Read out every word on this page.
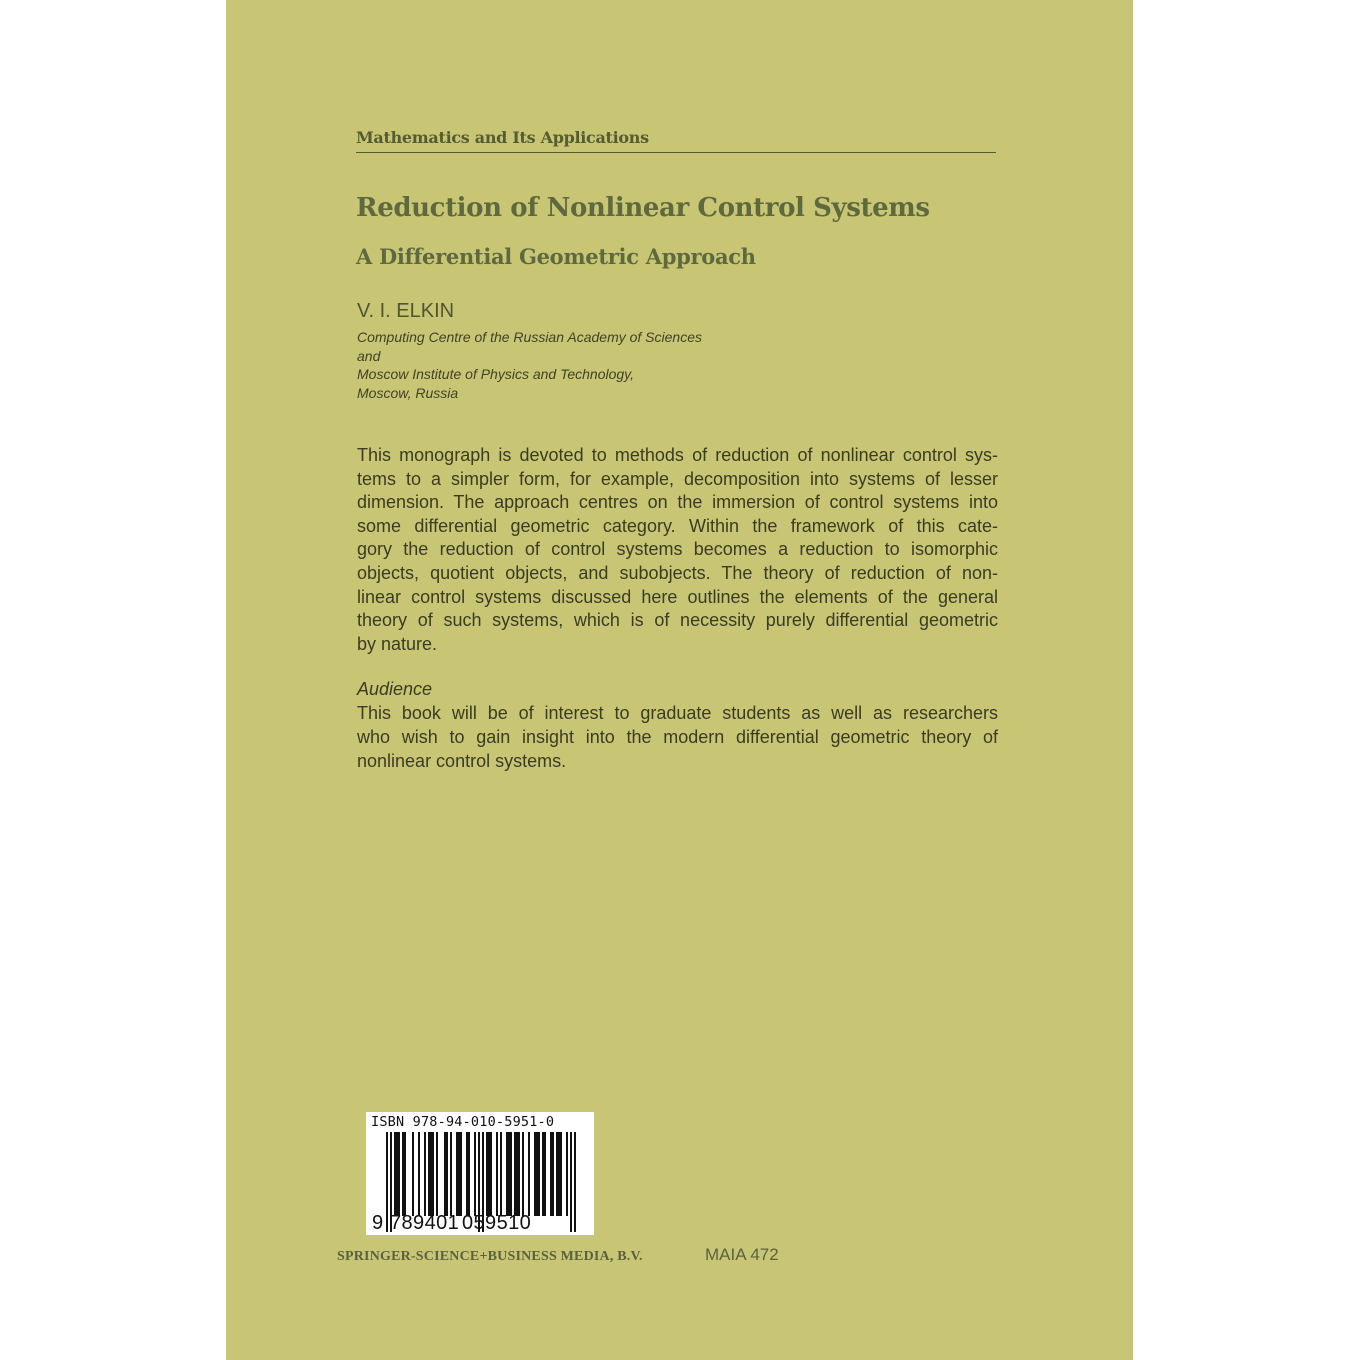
Mathematics and Its Applications
Reduction of Nonlinear Control Systems
A Differential Geometric Approach
V. I. ELKIN
Computing Centre of the Russian Academy of Sciences
and
Moscow Institute of Physics and Technology,
Moscow, Russia
This monograph is devoted to methods of reduction of nonlinear control sys-
tems to a simpler form, for example, decomposition into systems of lesser
dimension. The approach centres on the immersion of control systems into
some differential geometric category. Within the framework of this cate-
gory the reduction of control systems becomes a reduction to isomorphic
objects, quotient objects, and subobjects. The theory of reduction of non-
linear control systems discussed here outlines the elements of the general
theory of such systems, which is of necessity purely differential geometric
by nature.
Audience
This book will be of interest to graduate students as well as researchers
who wish to gain insight into the modern differential geometric theory of
nonlinear control systems.
ISBN 978-94-010-5951-0
9 789401 059510
SPRINGER-SCIENCE+BUSINESS MEDIA, B.V.	MAIA 472
